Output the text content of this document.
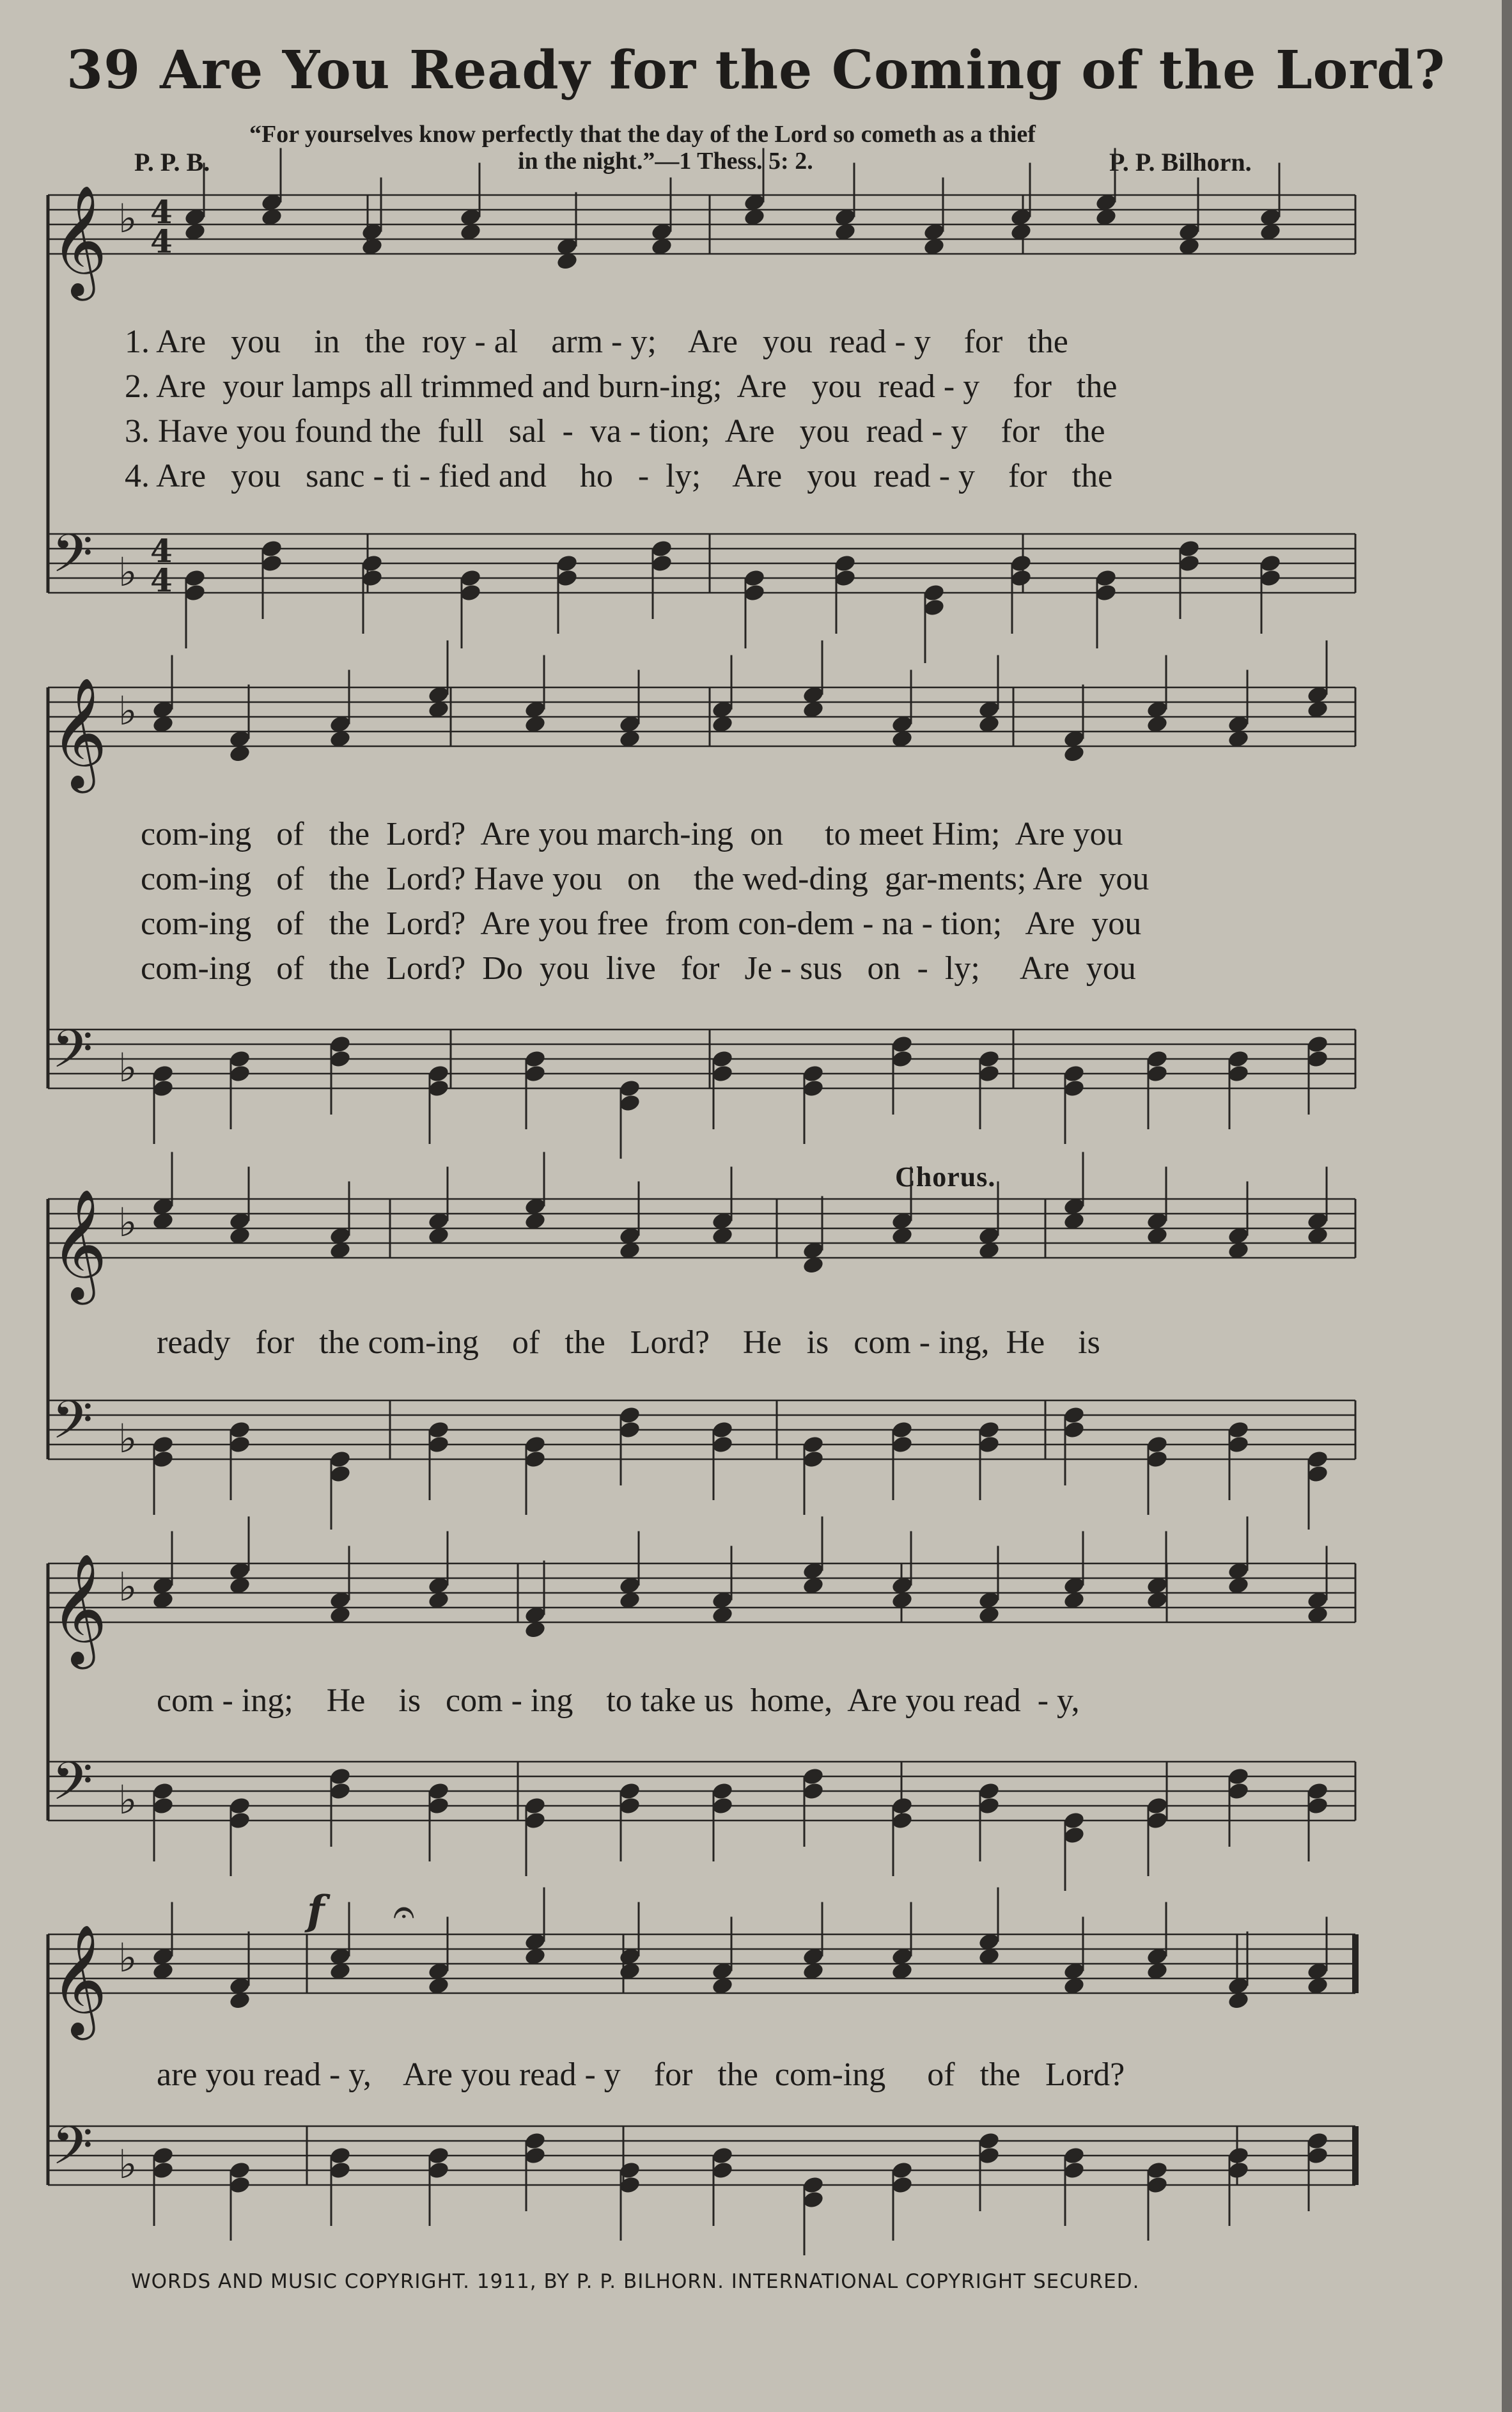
39 Are You Ready for the Coming of the Lord?
“For yourselves know perfectly that the day of the Lord so cometh as a thief
P. P. B.	in the night.”—1 Thess. 5: 2.	P. P. Bilhorn.
𝄞 ♭ 4
4
𝄢 ♭ 4
4
𝄞 ♭
𝄢 ♭
𝄞 ♭
𝄢 ♭
𝄞 ♭
𝄢 ♭
𝄞 ♭
𝄢 ♭
f 𝄐
1. Are   you    in   the  roy - al    arm - y;    Are   you  read - y    for   the
2. Are  your lamps all trimmed and burn-ing;  Are   you  read - y    for   the
3. Have you found the  full   sal  -  va - tion;  Are   you  read - y    for   the
4. Are   you   sanc - ti - fied and    ho   -  ly;    Are   you  read - y    for   the
com-ing   of   the  Lord?  Are you march-ing  on     to meet Him;  Are you
com-ing   of   the  Lord? Have you   on    the wed-ding  gar-ments; Are  you
com-ing   of   the  Lord?  Are you free  from con-dem - na - tion;   Are  you
com-ing   of   the  Lord?  Do  you  live   for   Je - sus   on  -  ly;     Are  you
Chorus.
ready   for   the com-ing    of   the   Lord?    He   is   com - ing,  He    is
com - ing;    He    is   com - ing    to take us  home,  Are you read  - y,
are you read - y,    Are you read - y    for   the  com-ing     of   the   Lord?
WORDS AND MUSIC COPYRIGHT. 1911, BY P. P. BILHORN. INTERNATIONAL COPYRIGHT SECURED.
